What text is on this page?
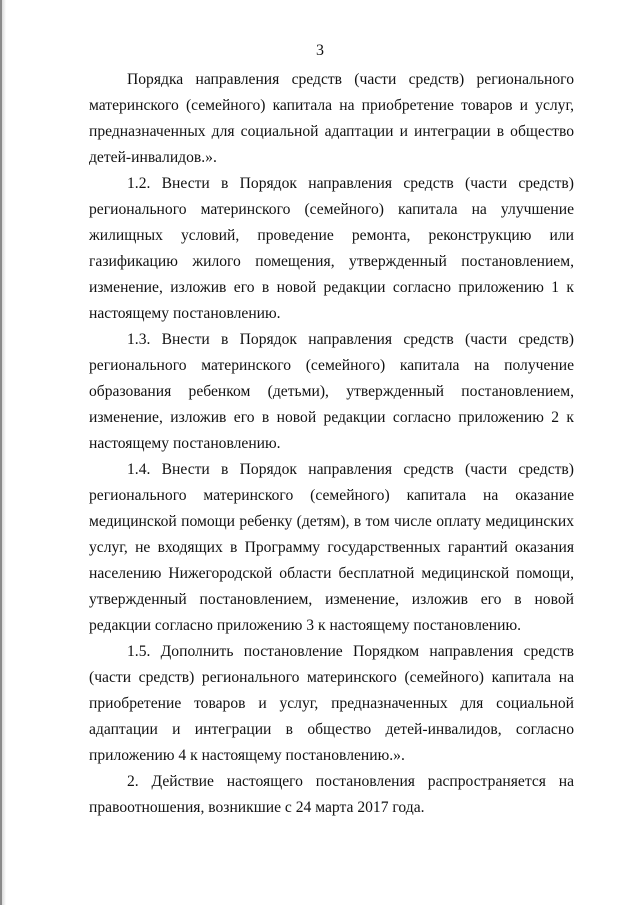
3

Порядка направления средств (части средств) регионального материнского (семейного) капитала на приобретение товаров и услуг, предназначенных для социальной адаптации и интеграции в общество детей-инвалидов.».

1.2. Внести в Порядок направления средств (части средств) регионального материнского (семейного) капитала на улучшение жилищных условий, проведение ремонта, реконструкцию или газификацию жилого помещения, утвержденный постановлением, изменение, изложив его в новой редакции согласно приложению 1 к настоящему постановлению.

1.3. Внести в Порядок направления средств (части средств) регионального материнского (семейного) капитала на получение образования ребенком (детьми), утвержденный постановлением, изменение, изложив его в новой редакции согласно приложению 2 к настоящему постановлению.

1.4. Внести в Порядок направления средств (части средств) регионального материнского (семейного) капитала на оказание медицинской помощи ребенку (детям), в том числе оплату медицинских услуг, не входящих в Программу государственных гарантий оказания населению Нижегородской области бесплатной медицинской помощи, утвержденный постановлением, изменение, изложив его в новой редакции согласно приложению 3 к настоящему постановлению.

1.5. Дополнить постановление Порядком направления средств (части средств) регионального материнского (семейного) капитала на приобретение товаров и услуг, предназначенных для социальной адаптации и интеграции в общество детей-инвалидов, согласно приложению 4 к настоящему постановлению.».

2. Действие настоящего постановления распространяется на правоотношения, возникшие с 24 марта 2017 года.
